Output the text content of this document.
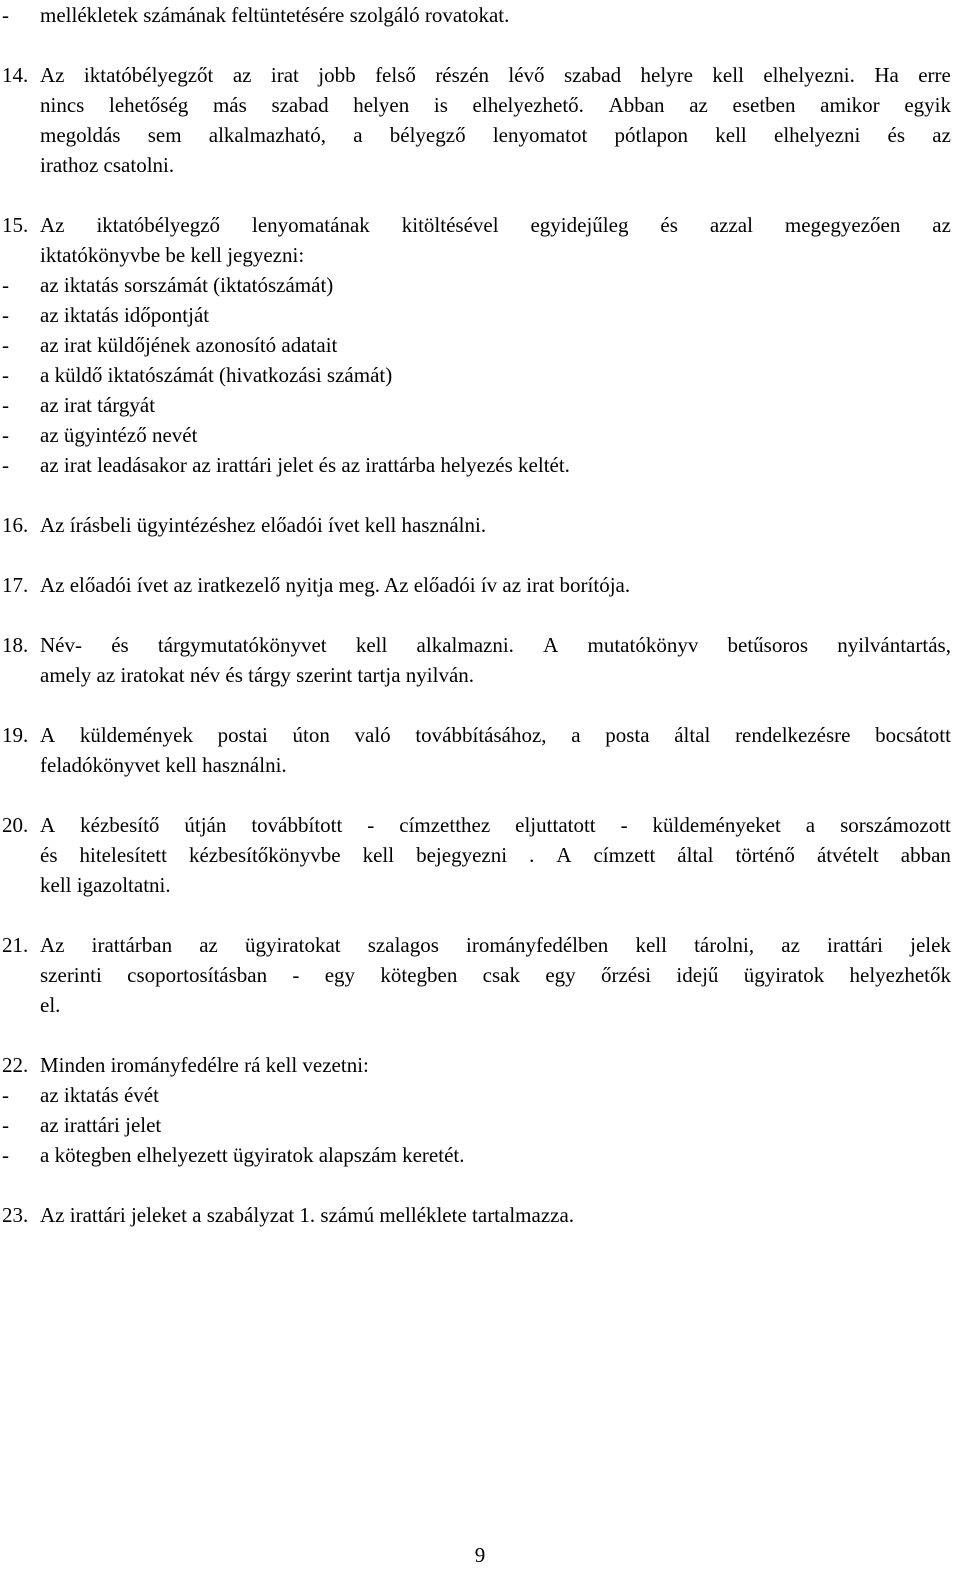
- mellékletek számának feltüntetésére szolgáló rovatokat.
14. Az iktatóbélyegzőt az irat jobb felső részén lévő szabad helyre kell elhelyezni. Ha erre
nincs lehetőség más szabad helyen is elhelyezhető. Abban az esetben amikor egyik
megoldás sem alkalmazható, a bélyegző lenyomatot pótlapon kell elhelyezni és az
irathoz csatolni.
15. Az iktatóbélyegző lenyomatának kitöltésével egyidejűleg és azzal megegyezően az
iktatókönyvbe be kell jegyezni:
- az iktatás sorszámát (iktatószámát)
- az iktatás időpontját
- az irat küldőjének azonosító adatait
- a küldő iktatószámát (hivatkozási számát)
- az irat tárgyát
- az ügyintéző nevét
- az irat leadásakor az irattári jelet és az irattárba helyezés keltét.
16. Az írásbeli ügyintézéshez előadói ívet kell használni.
17. Az előadói ívet az iratkezelő nyitja meg. Az előadói ív az irat borítója.
18. Név- és tárgymutatókönyvet kell alkalmazni. A mutatókönyv betűsoros nyilvántartás,
amely az iratokat név és tárgy szerint tartja nyilván.
19. A küldemények postai úton való továbbításához, a posta által rendelkezésre bocsátott
feladókönyvet kell használni.
20. A kézbesítő útján továbbított - címzetthez eljuttatott - küldeményeket a sorszámozott
és hitelesített kézbesítőkönyvbe kell bejegyezni . A címzett által történő átvételt abban
kell igazoltatni.
21. Az irattárban az ügyiratokat szalagos irományfedélben kell tárolni, az irattári jelek
szerinti csoportosításban - egy kötegben csak egy őrzési idejű ügyiratok helyezhetők
el.
22. Minden irományfedélre rá kell vezetni:
- az iktatás évét
- az irattári jelet
- a kötegben elhelyezett ügyiratok alapszám keretét.
23. Az irattári jeleket a szabályzat 1. számú melléklete tartalmazza.
9
